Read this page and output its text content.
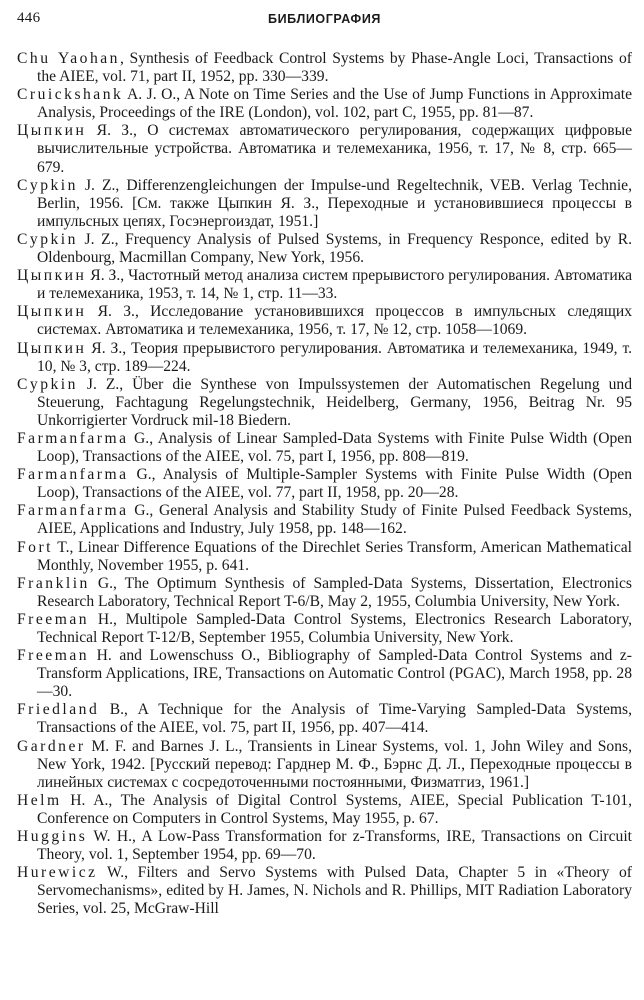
446	БИБЛИОГРАФИЯ
Chu Yaohan, Synthesis of Feedback Control Systems by Phase-Angle Loci, Transactions of the AIEE, vol. 71, part II, 1952, pp. 330—339.
Cruickshank A. J. O., A Note on Time Series and the Use of Jump Functions in Approximate Analysis, Proceedings of the IRE (London), vol. 102, part C, 1955, pp. 81—87.
Цыпкин Я. З., О системах автоматического регулирования, содержащих цифровые вычислительные устройства. Автоматика и телемеханика, 1956, т. 17, № 8, стр. 665—679.
Cypkin J. Z., Differenzengleichungen der Impulse-und Regeltechnik, VEB. Verlag Technie, Berlin, 1956. [См. также Цыпкин Я. З., Переходные и установившиеся процессы в импульсных цепях, Госэнергоиздат, 1951.]
Cypkin J. Z., Frequency Analysis of Pulsed Systems, in Frequency Responce, edited by R. Oldenbourg, Macmillan Company, New York, 1956.
Цыпкин Я. З., Частотный метод анализа систем прерывистого регулирования. Автоматика и телемеханика, 1953, т. 14, № 1, стр. 11—33.
Цыпкин Я. З., Исследование установившихся процессов в импульсных следящих системах. Автоматика и телемеханика, 1956, т. 17, № 12, стр. 1058—1069.
Цыпкин Я. З., Теория прерывистого регулирования. Автоматика и телемеханика, 1949, т. 10, № 3, стр. 189—224.
Cypkin J. Z., Über die Synthese von Impulssystemen der Automatischen Regelung und Steuerung, Fachtagung Regelungstechnik, Heidelberg, Germany, 1956, Beitrag Nr. 95 Unkorrigierter Vordruck mil-18 Biedern.
Farmanfarma G., Analysis of Linear Sampled-Data Systems with Finite Pulse Width (Open Loop), Transactions of the AIEE, vol. 75, part I, 1956, pp. 808—819.
Farmanfarma G., Analysis of Multiple-Sampler Systems with Finite Pulse Width (Open Loop), Transactions of the AIEE, vol. 77, part II, 1958, pp. 20—28.
Farmanfarma G., General Analysis and Stability Study of Finite Pulsed Feedback Systems, AIEE, Applications and Industry, July 1958, pp. 148—162.
Fort T., Linear Difference Equations of the Direchlet Series Transform, American Mathematical Monthly, November 1955, p. 641.
Franklin G., The Optimum Synthesis of Sampled-Data Systems, Dissertation, Electronics Research Laboratory, Technical Report T-6/B, May 2, 1955, Columbia University, New York.
Freeman H., Multipole Sampled-Data Control Systems, Electronics Research Laboratory, Technical Report T-12/B, September 1955, Columbia University, New York.
Freeman H. and Lowenschuss O., Bibliography of Sampled-Data Control Systems and z-Transform Applications, IRE, Transactions on Automatic Control (PGAC), March 1958, pp. 28—30.
Friedland B., A Technique for the Analysis of Time-Varying Sampled-Data Systems, Transactions of the AIEE, vol. 75, part II, 1956, pp. 407—414.
Gardner M. F. and Barnes J. L., Transients in Linear Systems, vol. 1, John Wiley and Sons, New York, 1942. [Русский перевод: Гарднер М. Ф., Бэрнс Д. Л., Переходные процессы в линейных системах с сосредоточенными постоянными, Физматгиз, 1961.]
Helm H. A., The Analysis of Digital Control Systems, AIEE, Special Publication T-101, Conference on Computers in Control Systems, May 1955, p. 67.
Huggins W. H., A Low-Pass Transformation for z-Transforms, IRE, Transactions on Circuit Theory, vol. 1, September 1954, pp. 69—70.
Hurewicz W., Filters and Servo Systems with Pulsed Data, Chapter 5 in «Theory of Servomechanisms», edited by H. James, N. Nichols and R. Phillips, MIT Radiation Laboratory Series, vol. 25, McGraw-Hill
